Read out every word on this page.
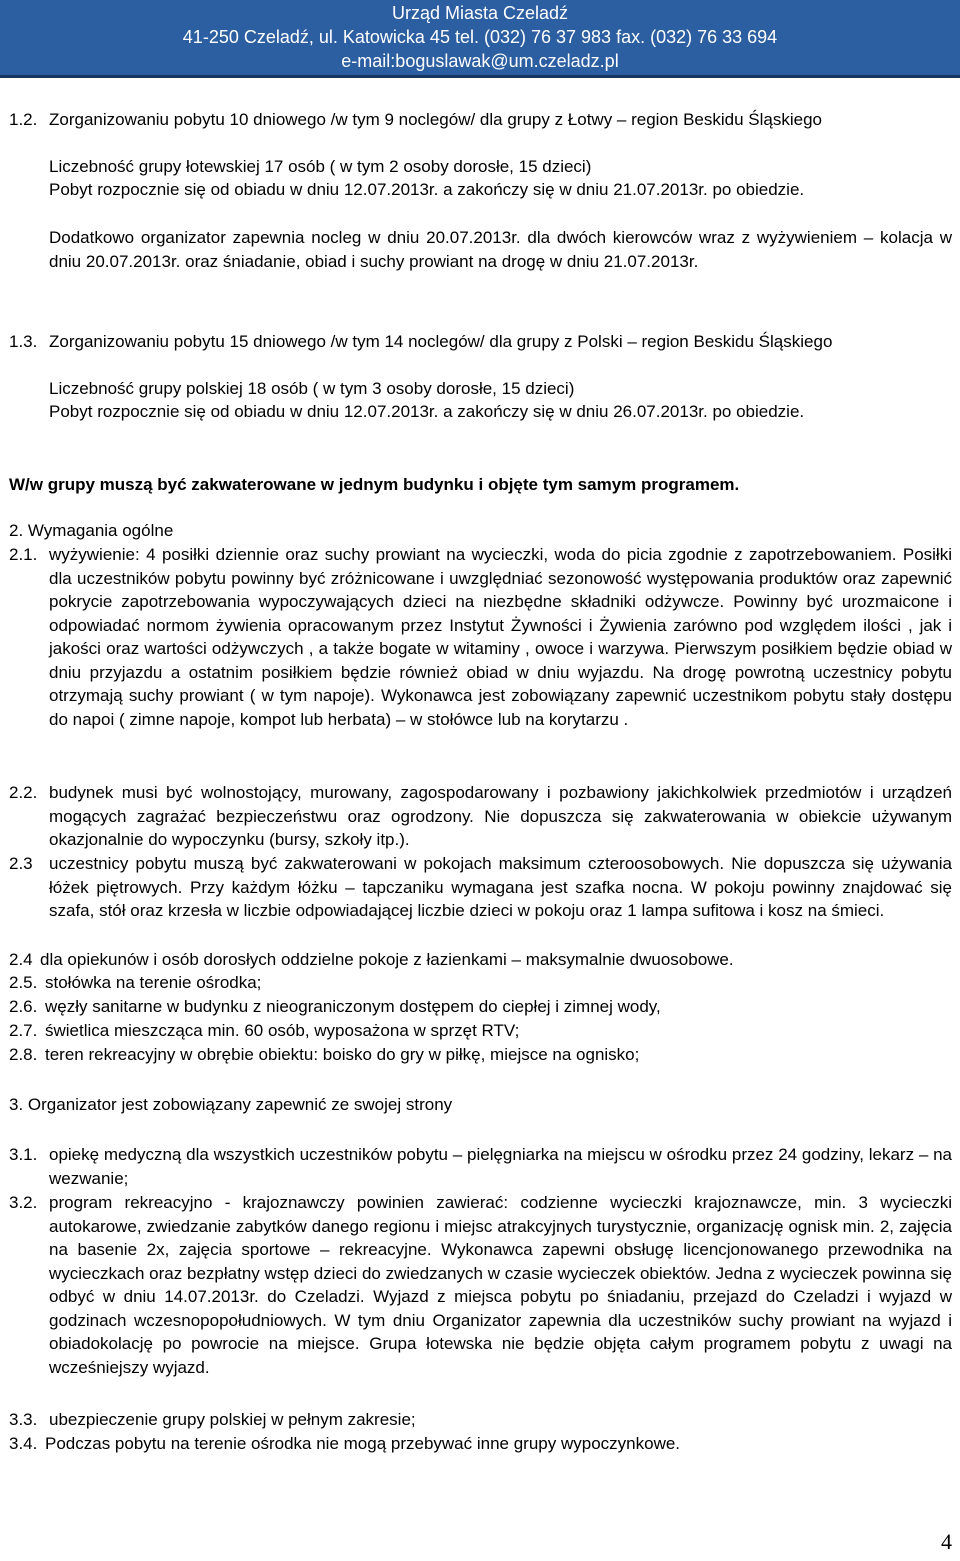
Urząd Miasta Czeladź
41-250 Czeladź, ul. Katowicka 45 tel. (032) 76 37 983 fax. (032) 76 33 694
e-mail:boguslawak@um.czeladz.pl
1.2. Zorganizowaniu pobytu 10 dniowego /w tym 9 noclegów/ dla grupy z Łotwy – region Beskidu Śląskiego
Liczebność grupy łotewskiej 17 osób ( w tym 2 osoby dorosłe, 15 dzieci)
Pobyt rozpocznie się od obiadu w dniu 12.07.2013r. a zakończy się w dniu 21.07.2013r. po obiedzie.
Dodatkowo organizator zapewnia nocleg w dniu 20.07.2013r. dla dwóch kierowców wraz z wyżywieniem – kolacja w dniu 20.07.2013r. oraz śniadanie, obiad i suchy prowiant na drogę w dniu 21.07.2013r.
1.3. Zorganizowaniu pobytu 15 dniowego /w tym 14 noclegów/ dla grupy z Polski – region Beskidu Śląskiego
Liczebność grupy polskiej 18 osób ( w tym 3 osoby dorosłe, 15 dzieci)
Pobyt rozpocznie się od obiadu w dniu 12.07.2013r. a zakończy się w dniu 26.07.2013r. po obiedzie.
W/w grupy muszą być zakwaterowane w jednym budynku i objęte tym samym programem.
2. Wymagania ogólne
2.1. wyżywienie: 4 posiłki dziennie oraz suchy prowiant na wycieczki, woda do picia zgodnie z zapotrzebowaniem. Posiłki dla uczestników pobytu powinny być zróżnicowane i uwzględniać sezonowość występowania produktów oraz zapewnić pokrycie zapotrzebowania wypoczywających dzieci na niezbędne składniki odżywcze. Powinny być urozmaicone i odpowiadać normom żywienia opracowanym przez Instytut Żywności i Żywienia zarówno pod względem ilości , jak i jakości oraz wartości odżywczych , a także bogate w witaminy , owoce i warzywa. Pierwszym posiłkiem będzie obiad w dniu przyjazdu a ostatnim posiłkiem będzie również obiad w dniu wyjazdu. Na drogę powrotną uczestnicy pobytu otrzymają suchy prowiant ( w tym napoje). Wykonawca jest zobowiązany zapewnić uczestnikom pobytu stały dostępu do napoi ( zimne napoje, kompot lub herbata) – w stołówce lub na korytarzu .
2.2. budynek musi być wolnostojący, murowany, zagospodarowany i pozbawiony jakichkolwiek przedmiotów i urządzeń mogących zagrażać bezpieczeństwu oraz ogrodzony. Nie dopuszcza się zakwaterowania w obiekcie używanym okazjonalnie do wypoczynku (bursy, szkoły itp.).
2.3 uczestnicy pobytu muszą być zakwaterowani w pokojach maksimum czteroosobowych. Nie dopuszcza się używania łóżek piętrowych. Przy każdym łóżku – tapczaniku wymagana jest szafka nocna. W pokoju powinny znajdować się szafa, stół oraz krzesła w liczbie odpowiadającej liczbie dzieci w pokoju oraz 1 lampa sufitowa i kosz na śmieci.
2.4 dla opiekunów i osób dorosłych oddzielne pokoje z łazienkami – maksymalnie dwuosobowe.
2.5. stołówka na terenie ośrodka;
2.6. węzły sanitarne w budynku z nieograniczonym dostępem do ciepłej i zimnej wody,
2.7. świetlica mieszcząca min. 60 osób, wyposażona w sprzęt RTV;
2.8. teren rekreacyjny w obrębie obiektu: boisko do gry w piłkę, miejsce na ognisko;
3. Organizator jest zobowiązany zapewnić ze swojej strony
3.1. opiekę medyczną dla wszystkich uczestników pobytu – pielęgniarka na miejscu w ośrodku przez 24 godziny, lekarz – na wezwanie;
3.2. program rekreacyjno - krajoznawczy powinien zawierać: codzienne wycieczki krajoznawcze, min. 3 wycieczki autokarowe, zwiedzanie zabytków danego regionu i miejsc atrakcyjnych turystycznie, organizację ognisk min. 2, zajęcia na basenie 2x, zajęcia sportowe – rekreacyjne. Wykonawca zapewni obsługę licencjonowanego przewodnika na wycieczkach oraz bezpłatny wstęp dzieci do zwiedzanych w czasie wycieczek obiektów. Jedna z wycieczek powinna się odbyć w dniu 14.07.2013r. do Czeladzi. Wyjazd z miejsca pobytu po śniadaniu, przejazd do Czeladzi i wyjazd w godzinach wczesnopopołudniowych. W tym dniu Organizator zapewnia dla uczestników suchy prowiant na wyjazd i obiadokolację po powrocie na miejsce. Grupa łotewska nie będzie objęta całym programem pobytu z uwagi na wcześniejszy wyjazd.
3.3. ubezpieczenie grupy polskiej w pełnym zakresie;
3.4. Podczas pobytu na terenie ośrodka nie mogą przebywać inne grupy wypoczynkowe.
4
